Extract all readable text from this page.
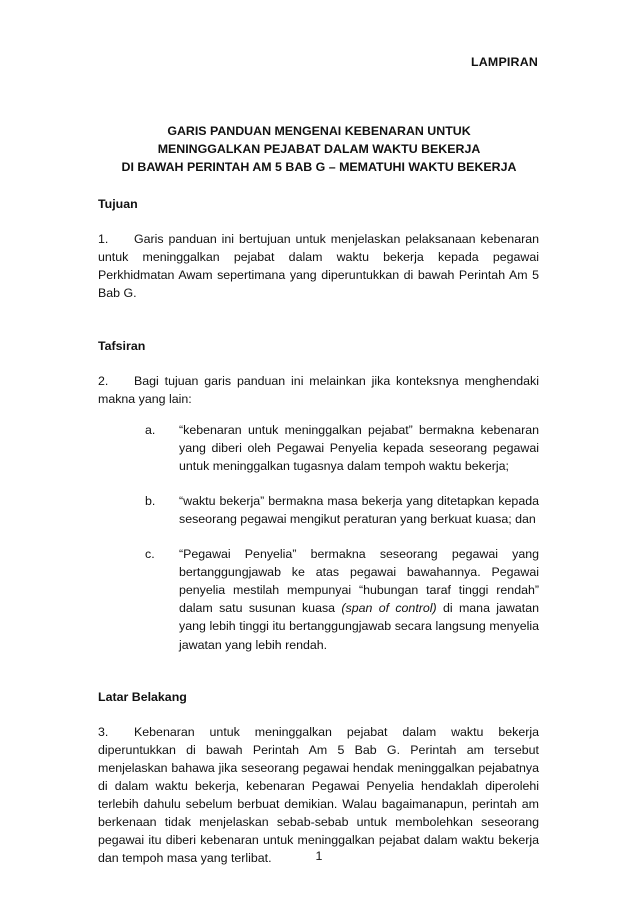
LAMPIRAN
GARIS PANDUAN MENGENAI KEBENARAN UNTUK
MENINGGALKAN PEJABAT DALAM WAKTU BEKERJA
DI BAWAH PERINTAH AM 5 BAB G – MEMATUHI WAKTU BEKERJA
Tujuan
1. Garis panduan ini bertujuan untuk menjelaskan pelaksanaan kebenaran untuk meninggalkan pejabat dalam waktu bekerja kepada pegawai Perkhidmatan Awam sepertimana yang diperuntukkan di bawah Perintah Am 5 Bab G.
Tafsiran
2. Bagi tujuan garis panduan ini melainkan jika konteksnya menghendaki makna yang lain:
a.	“kebenaran untuk meninggalkan pejabat” bermakna kebenaran yang diberi oleh Pegawai Penyelia kepada seseorang pegawai untuk meninggalkan tugasnya dalam tempoh waktu bekerja;
b.	“waktu bekerja” bermakna masa bekerja yang ditetapkan kepada seseorang pegawai mengikut peraturan yang berkuat kuasa; dan
c.	“Pegawai Penyelia” bermakna seseorang pegawai yang bertanggungjawab ke atas pegawai bawahannya. Pegawai penyelia mestilah mempunyai “hubungan taraf tinggi rendah” dalam satu susunan kuasa (span of control) di mana jawatan yang lebih tinggi itu bertanggungjawab secara langsung menyelia jawatan yang lebih rendah.
Latar Belakang
3. Kebenaran untuk meninggalkan pejabat dalam waktu bekerja diperuntukkan di bawah Perintah Am 5 Bab G. Perintah am tersebut menjelaskan bahawa jika seseorang pegawai hendak meninggalkan pejabatnya di dalam waktu bekerja, kebenaran Pegawai Penyelia hendaklah diperolehi terlebih dahulu sebelum berbuat demikian. Walau bagaimanapun, perintah am berkenaan tidak menjelaskan sebab-sebab untuk membolehkan seseorang pegawai itu diberi kebenaran untuk meninggalkan pejabat dalam waktu bekerja dan tempoh masa yang terlibat.	1
